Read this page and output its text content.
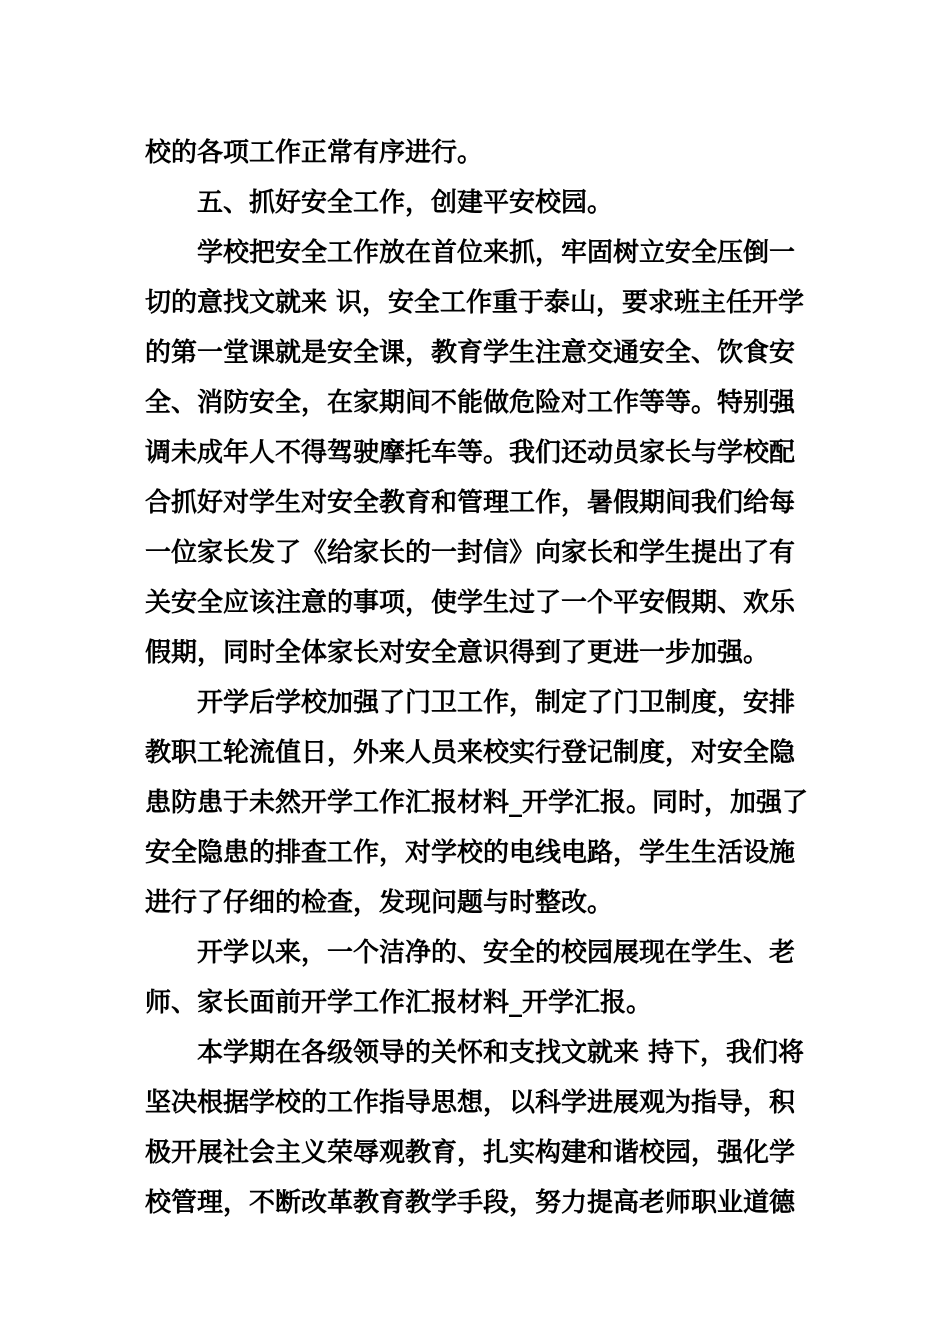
校的各项工作正常有序进行。
五、抓好安全工作，创建平安校园。
学校把安全工作放在首位来抓，牢固树立安全压倒一
切的意找文就来 识，安全工作重于泰山，要求班主任开学
的第一堂课就是安全课，教育学生注意交通安全、饮食安
全、消防安全，在家期间不能做危险对工作等等。特别强
调未成年人不得驾驶摩托车等。我们还动员家长与学校配
合抓好对学生对安全教育和管理工作，暑假期间我们给每
一位家长发了《给家长的一封信》向家长和学生提出了有
关安全应该注意的事项，使学生过了一个平安假期、欢乐
假期，同时全体家长对安全意识得到了更进一步加强。
开学后学校加强了门卫工作，制定了门卫制度，安排
教职工轮流值日，外来人员来校实行登记制度，对安全隐
患防患于未然开学工作汇报材料_开学汇报。同时，加强了
安全隐患的排查工作，对学校的电线电路，学生生活设施
进行了仔细的检查，发现问题与时整改。
开学以来，一个洁净的、安全的校园展现在学生、老
师、家长面前开学工作汇报材料_开学汇报。
本学期在各级领导的关怀和支找文就来 持下，我们将
坚决根据学校的工作指导思想，以科学进展观为指导，积
极开展社会主义荣辱观教育，扎实构建和谐校园，强化学
校管理，不断改革教育教学手段，努力提高老师职业道德
